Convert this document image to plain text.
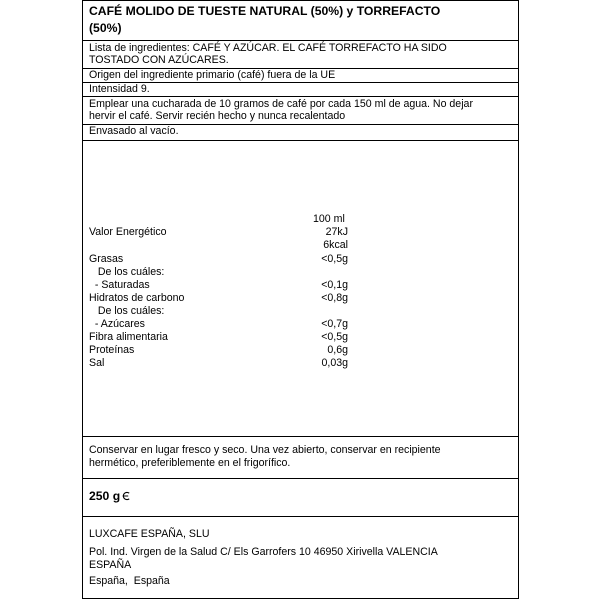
CAFÉ MOLIDO DE TUESTE NATURAL (50%) y TORREFACTO
(50%)
Lista de ingredientes: CAFÉ Y AZÚCAR. EL CAFÉ TORREFACTO HA SIDO
TOSTADO CON AZÚCARES.
Origen del ingrediente primario (café) fuera de la UE
Intensidad 9.
Emplear una cucharada de 10 gramos de café por cada 150 ml de agua. No dejar
hervir el café. Servir recién hecho y nunca recalentado
Envasado al vacío.
100 ml
Valor Energético	27kJ
6kcal
Grasas	<0,5g
De los cuáles:
- Saturadas	<0,1g
Hidratos de carbono	<0,8g
De los cuáles:
- Azúcares	<0,7g
Fibra alimentaria	<0,5g
Proteínas	0,6g
Sal	0,03g
Conservar en lugar fresco y seco. Una vez abierto, conservar en recipiente
hermético, preferiblemente en el frigorífico.
250 g
LUXCAFE ESPAÑA, SLU
Pol. Ind. Virgen de la Salud C/ Els Garrofers 10 46950 Xirivella VALENCIA
ESPAÑA
España,  España
